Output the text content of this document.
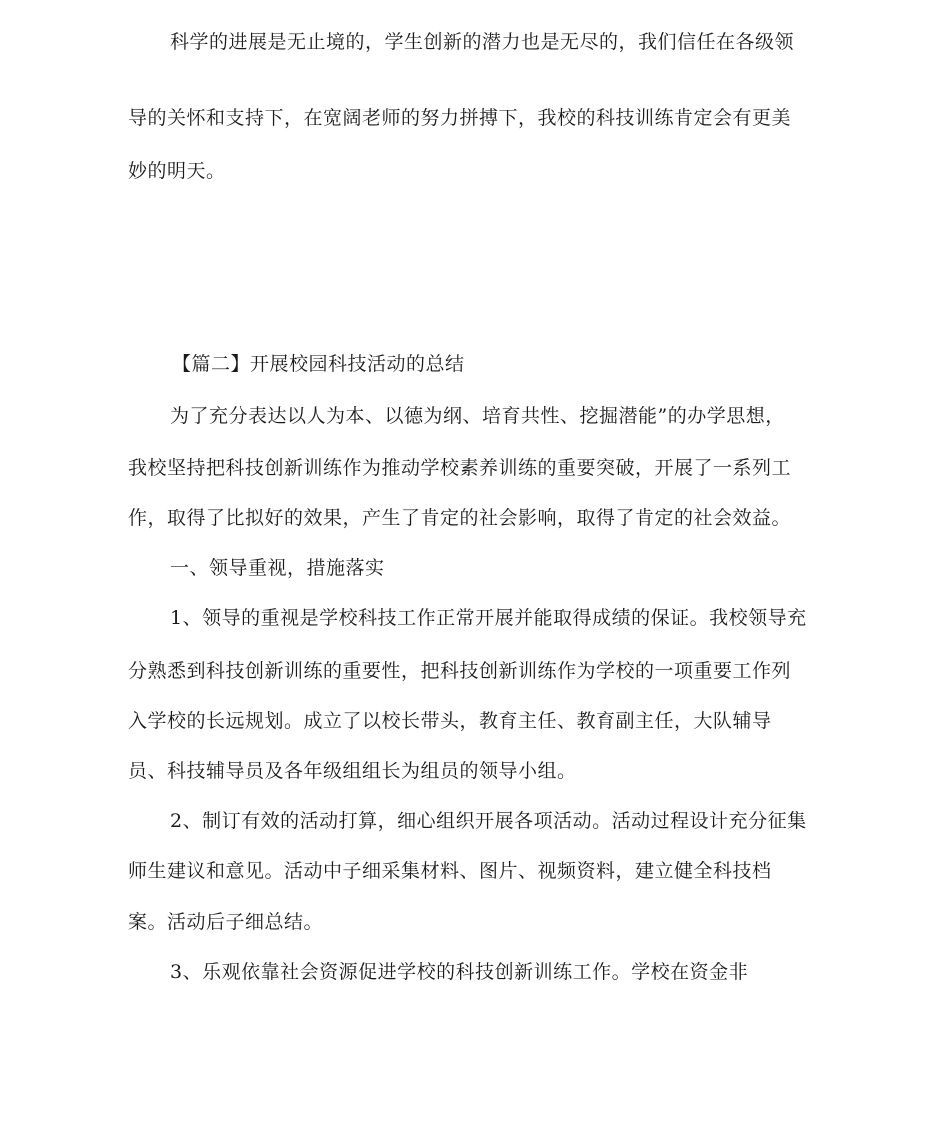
科学的进展是无止境的，学生创新的潜力也是无尽的，我们信任在各级领
导的关怀和支持下，在宽阔老师的努力拼搏下，我校的科技训练肯定会有更美
妙的明天。
【篇二】开展校园科技活动的总结
为了充分表达以人为本、以德为纲、培育共性、挖掘潜能”的办学思想，
我校坚持把科技创新训练作为推动学校素养训练的重要突破，开展了一系列工
作，取得了比拟好的效果，产生了肯定的社会影响，取得了肯定的社会效益。
一、领导重视，措施落实
1、领导的重视是学校科技工作正常开展并能取得成绩的保证。我校领导充
分熟悉到科技创新训练的重要性，把科技创新训练作为学校的一项重要工作列
入学校的长远规划。成立了以校长带头，教育主任、教育副主任，大队辅导
员、科技辅导员及各年级组组长为组员的领导小组。
2、制订有效的活动打算，细心组织开展各项活动。活动过程设计充分征集
师生建议和意见。活动中子细采集材料、图片、视频资料，建立健全科技档
案。活动后子细总结。
3、乐观依靠社会资源促进学校的科技创新训练工作。学校在资金非
